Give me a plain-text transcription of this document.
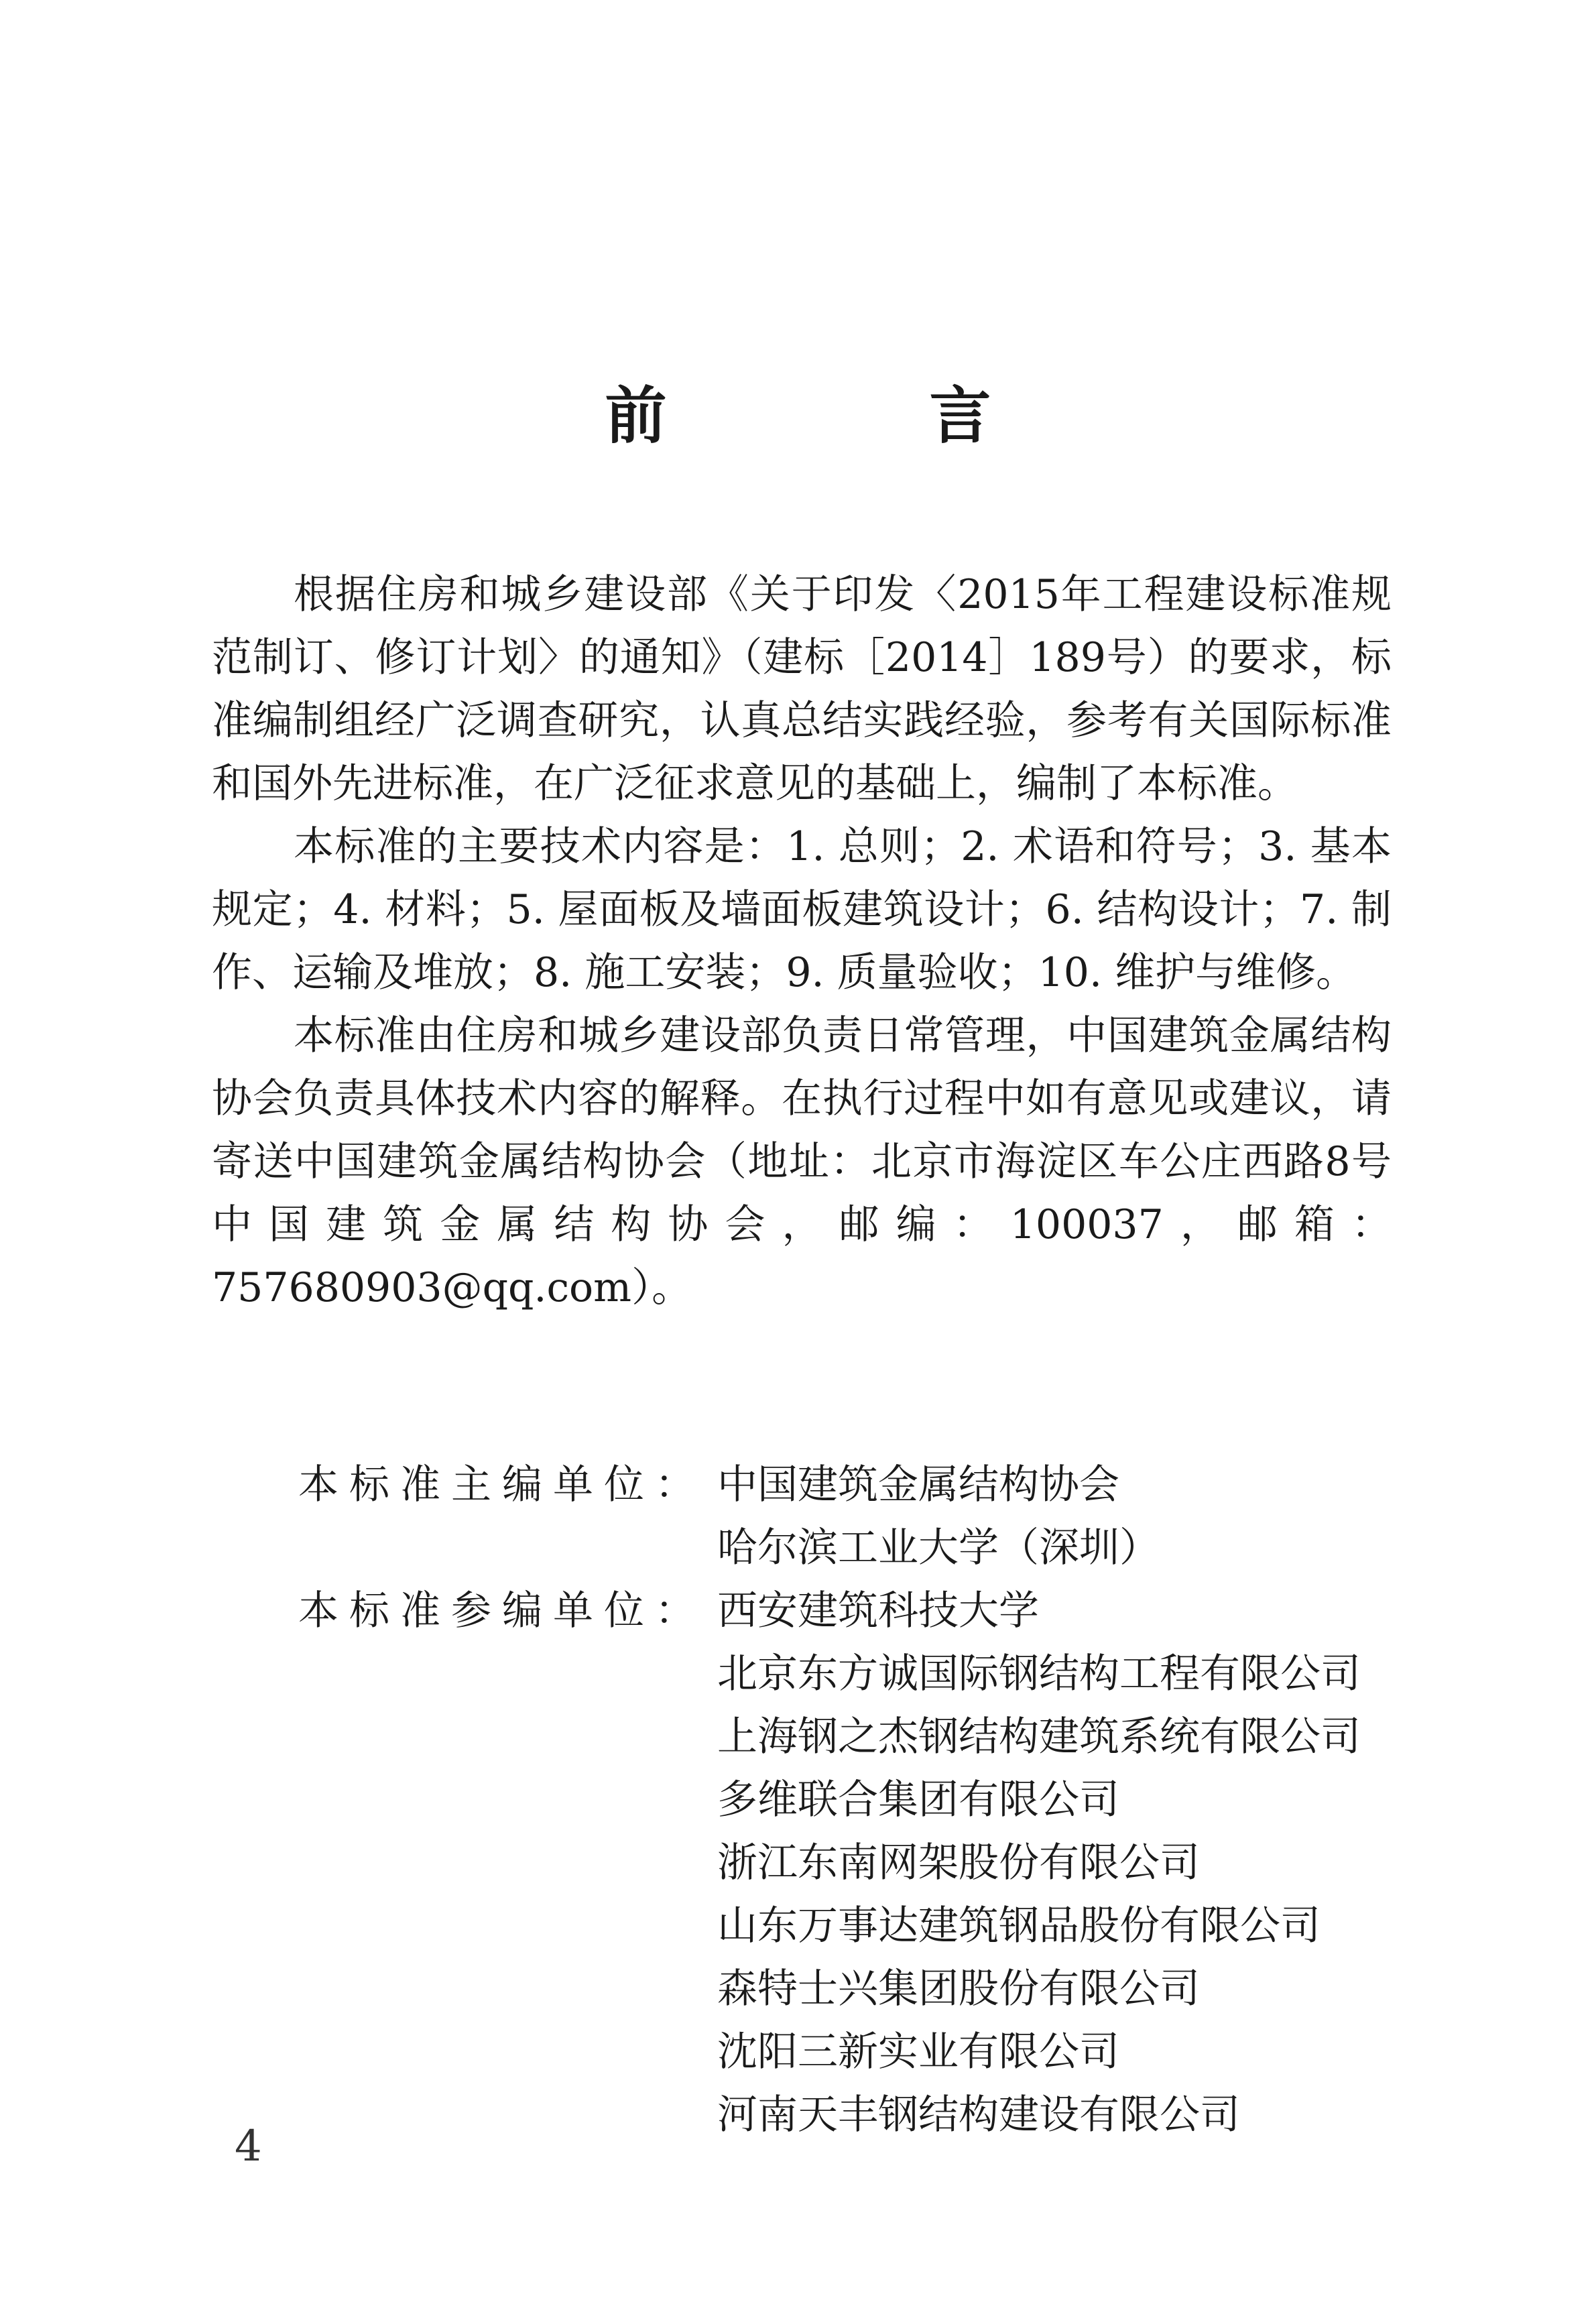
前　言

根据住房和城乡建设部《关于印发〈2015年工程建设标准规范制订、修订计划〉的通知》（建标［2014］189号）的要求，标准编制组经广泛调查研究，认真总结实践经验，参考有关国际标准和国外先进标准，在广泛征求意见的基础上，编制了本标准。

本标准的主要技术内容是：1. 总则；2. 术语和符号；3. 基本规定；4. 材料；5. 屋面板及墙面板建筑设计；6. 结构设计；7. 制作、运输及堆放；8. 施工安装；9. 质量验收；10. 维护与维修。

本标准由住房和城乡建设部负责日常管理，中国建筑金属结构协会负责具体技术内容的解释。在执行过程中如有意见或建议，请寄送中国建筑金属结构协会（地址：北京市海淀区车公庄西路8号中国建筑金属结构协会，邮编：100037，邮箱：757680903@qq.com）。

本标准主编单位： 中国建筑金属结构协会
哈尔滨工业大学（深圳）
本标准参编单位： 西安建筑科技大学
北京东方诚国际钢结构工程有限公司
上海钢之杰钢结构建筑系统有限公司
多维联合集团有限公司
浙江东南网架股份有限公司
山东万事达建筑钢品股份有限公司
森特士兴集团股份有限公司
沈阳三新实业有限公司
河南天丰钢结构建设有限公司
4
